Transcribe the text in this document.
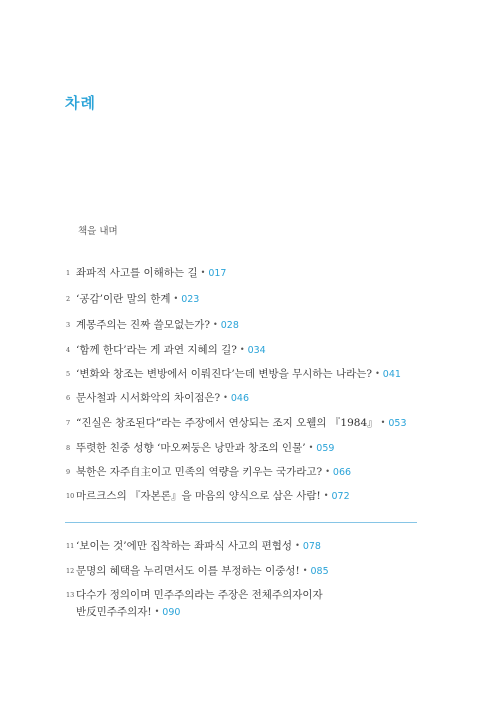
차례
책을 내며
1 좌파적 사고를 이해하는 길 • 017
2 ‘공감’이란 말의 한계 • 023
3 계몽주의는 진짜 쓸모없는가? • 028
4 ‘함께 한다’라는 게 과연 지혜의 길? • 034
5 ‘변화와 창조는 변방에서 이뤄진다’는데 변방을 무시하는 나라는? • 041
6 문사철과 시서화악의 차이점은? • 046
7 “진실은 창조된다”라는 주장에서 연상되는 조지 오웰의 『1984』 • 053
8 뚜렷한 친중 성향 ‘마오쩌둥은 낭만과 창조의 인물’ • 059
9 북한은 자주自主이고 민족의 역량을 키우는 국가라고? • 066
10 마르크스의 『자본론』을 마음의 양식으로 삼은 사람! • 072
11 ‘보이는 것’에만 집착하는 좌파식 사고의 편협성 • 078
12 문명의 혜택을 누리면서도 이를 부정하는 이중성! • 085
13 다수가 정의이며 민주주의라는 주장은 전체주의자이자
반反민주주의자! • 090
